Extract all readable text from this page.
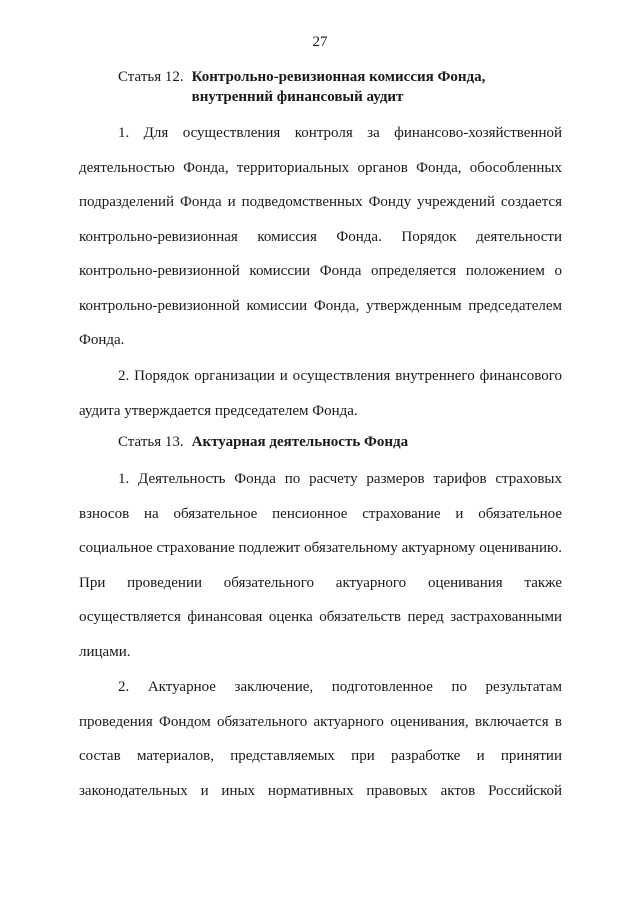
27
Статья 12. Контрольно-ревизионная комиссия Фонда,
внутренний финансовый аудит
1. Для осуществления контроля за финансово-хозяйственной
деятельностью Фонда, территориальных органов Фонда, обособленных
подразделений Фонда и подведомственных Фонду учреждений создается
контрольно-ревизионная комиссия Фонда. Порядок деятельности
контрольно-ревизионной комиссии Фонда определяется положением о
контрольно-ревизионной комиссии Фонда, утвержденным председателем
Фонда.
2. Порядок организации и осуществления внутреннего финансового
аудита утверждается председателем Фонда.
Статья 13. Актуарная деятельность Фонда
1. Деятельность Фонда по расчету размеров тарифов страховых
взносов на обязательное пенсионное страхование и обязательное
социальное страхование подлежит обязательному актуарному оцениванию.
При проведении обязательного актуарного оценивания также
осуществляется финансовая оценка обязательств перед застрахованными
лицами.
2. Актуарное заключение, подготовленное по результатам
проведения Фондом обязательного актуарного оценивания, включается в
состав материалов, представляемых при разработке и принятии
законодательных и иных нормативных правовых актов Российской
